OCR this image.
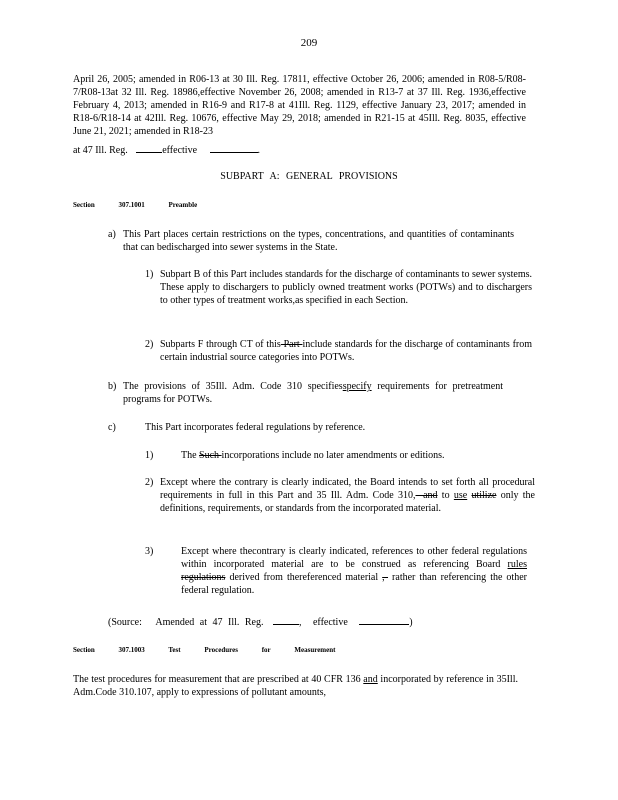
209
April 26, 2005; amended in R06-13 at 30 Ill. Reg. 17811, effective October 26, 2006; amended in R08-5/R08-7/R08-13at 32 Ill. Reg. 18986,effective November 26, 2008; amended in R13-7 at 37 Ill. Reg. 1936,effective February 4, 2013; amended in R16-9 and R17-8 at 41Ill. Reg. 1129, effective January 23, 2017; amended in R18-6/R18-14 at 42Ill. Reg. 10676, effective May 29, 2018; amended in R21-15 at 45Ill. Reg. 8035, effective June 21, 2021; amended in R18-23
at 47 Ill. Reg.	effective	.
SUBPART A: GENERAL PROVISIONS
Section	307.1001	Preamble
a) This Part places certain restrictions on the types, concentrations, and quantities of contaminants that can bedischarged into sewer systems in the State.
1) Subpart B of this Part includes standards for the discharge of contaminants to sewer systems. These apply to dischargers to publicly owned treatment works (POTWs) and to dischargers to other types of treatment works,as specified in each Section.
2) Subparts F through CT of this Part include standards for the discharge of contaminants from certain industrial source categories into POTWs.
b) The provisions of 35Ill. Adm. Code 310 specifiesspecify requirements for pretreatment programs for POTWs.
c)	This Part incorporates federal regulations by reference.
1)	The Such incorporations include no later amendments or editions.
2) Except where the contrary is clearly indicated, the Board intends to set forth all procedural requirements in full in this Part and 35 Ill. Adm. Code 310,- and to use utilize only the definitions, requirements, or standards from the incorporated material.
3)	Except where thecontrary is clearly indicated, references to other federal regulations within incorporated material are to be construed as referencing Board rules regulations derived from thereferenced material ,- rather than referencing the other federal regulation.
(Source: Amended at 47 Ill. Reg.	, effective	)
Section	307.1003	Test	Procedures	for	Measurement
The test procedures for measurement that are prescribed at 40 CFR 136 and incorporated by reference in 35Ill. Adm.Code 310.107, apply to expressions of pollutant amounts,
